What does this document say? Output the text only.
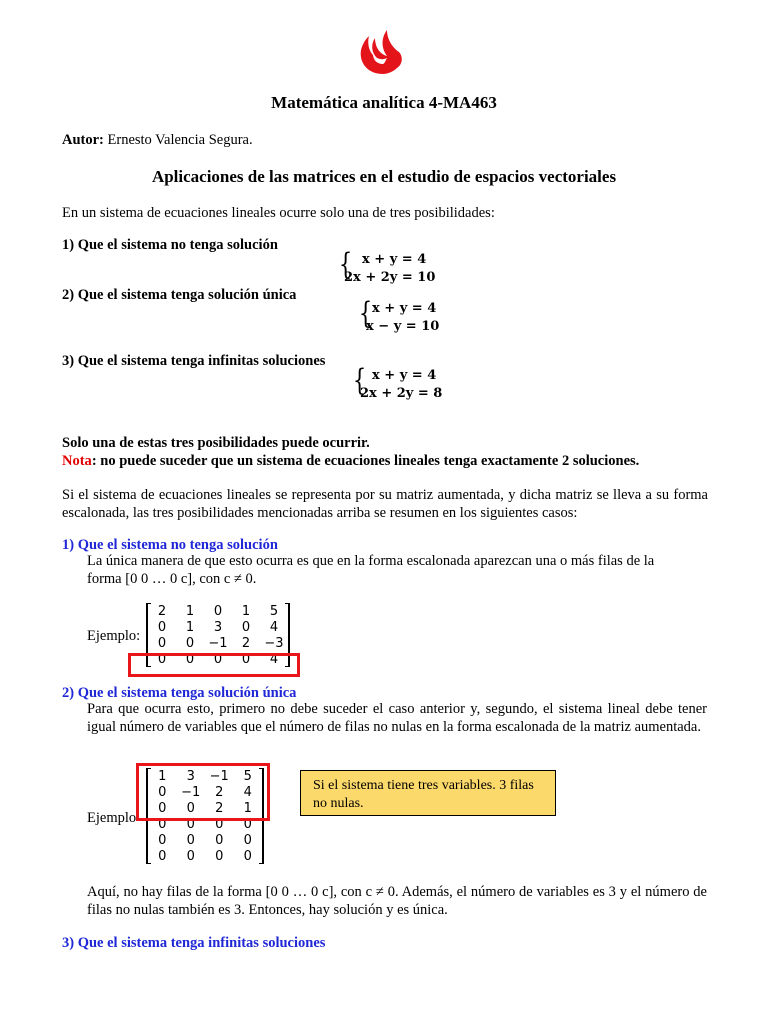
Matemática analítica 4-MA463
Autor: Ernesto Valencia Segura.
Aplicaciones de las matrices en el estudio de espacios vectoriales
En un sistema de ecuaciones lineales ocurre solo una de tres posibilidades:
1) Que el sistema no tenga solución
{ x + y = 4
2x + 2y = 10
2) Que el sistema tenga solución única
{ x + y = 4
x − y = 10
3) Que el sistema tenga infinitas soluciones
{ x + y = 4
2x + 2y = 8
Solo una de estas tres posibilidades puede ocurrir.
Nota: no puede suceder que un sistema de ecuaciones lineales tenga exactamente 2 soluciones.
Si el sistema de ecuaciones lineales se representa por su matriz aumentada, y dicha matriz se lleva a su forma escalonada, las tres posibilidades mencionadas arriba se resumen en los siguientes casos:
1) Que el sistema no tenga solución
La única manera de que esto ocurra es que en la forma escalonada aparezcan una o más filas de la
forma [0 0 … 0 c], con c ≠ 0.
Ejemplo:
2	1	0	1	5
0	1	3	0	4
0	0	−1	2	−3
0	0	0	0	4
2) Que el sistema tenga solución única
Para que ocurra esto, primero no debe suceder el caso anterior y, segundo, el sistema lineal debe tener igual número de variables que el número de filas no nulas en la forma escalonada de la matriz aumentada.
Ejemplo
1	3	−1	5
0	−1	2	4
0	0	2	1
0	0	0	0
0	0	0	0
0	0	0	0
Si el sistema tiene tres variables. 3 filas no nulas.
Aquí, no hay filas de la forma [0 0 … 0 c], con c ≠ 0. Además, el número de variables es 3 y el número de filas no nulas también es 3. Entonces, hay solución y es única.
3) Que el sistema tenga infinitas soluciones
